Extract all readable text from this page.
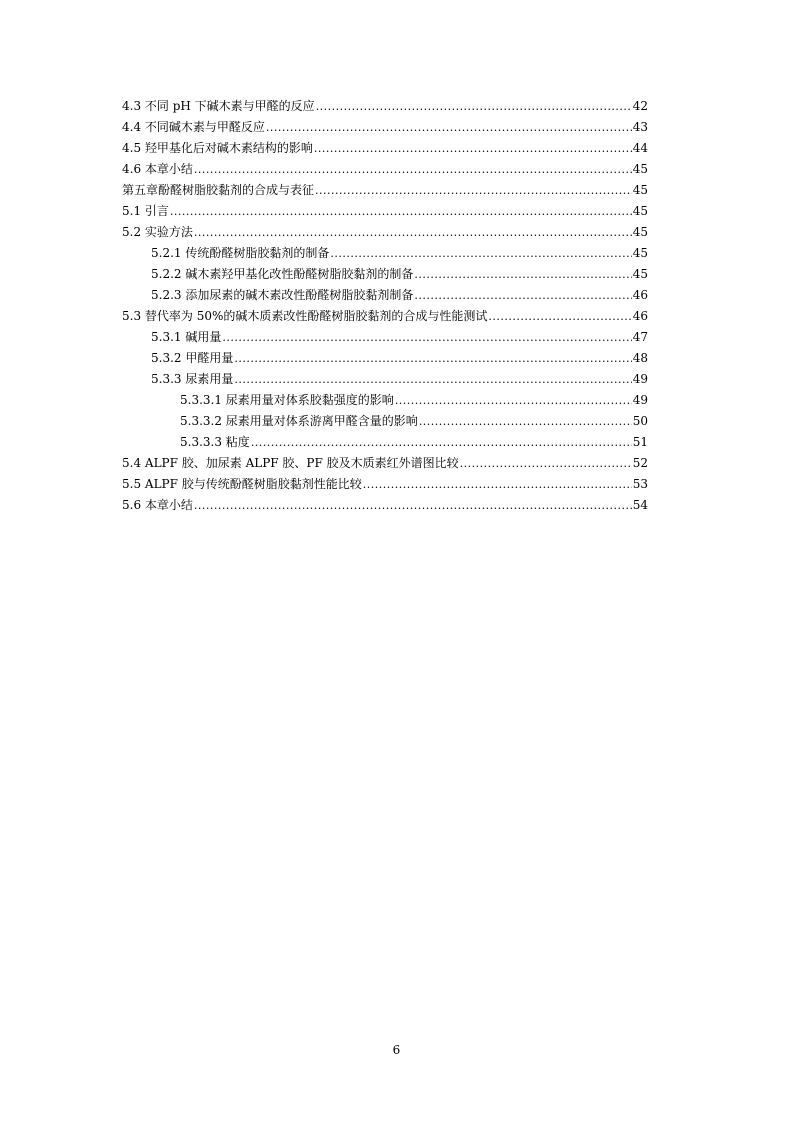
4.3 不同 pH 下碱木素与甲醛的反应 .....	42
4.4 不同碱木素与甲醛反应 .....	43
4.5 羟甲基化后对碱木素结构的影响 .....	44
4.6 本章小结 .....	45
第五章酚醛树脂胶黏剂的合成与表征 .....	45
5.1 引言 .....	45
5.2 实验方法 .....	45
5.2.1 传统酚醛树脂胶黏剂的制备 .....	45
5.2.2 碱木素羟甲基化改性酚醛树脂胶黏剂的制备 .....	45
5.2.3 添加尿素的碱木素改性酚醛树脂胶黏剂制备 .....	46
5.3 替代率为 50%的碱木质素改性酚醛树脂胶黏剂的合成与性能测试 .....	46
5.3.1 碱用量 .....	47
5.3.2 甲醛用量 .....	48
5.3.3 尿素用量 .....	49
5.3.3.1 尿素用量对体系胶黏强度的影响 .....	49
5.3.3.2 尿素用量对体系游离甲醛含量的影响 .....	50
5.3.3.3 粘度 .....	51
5.4 ALPF 胶、加尿素 ALPF 胶、PF 胶及木质素红外谱图比较 .....	52
5.5 ALPF 胶与传统酚醛树脂胶黏剂性能比较 .....	53
5.6 本章小结 .....	54
6
